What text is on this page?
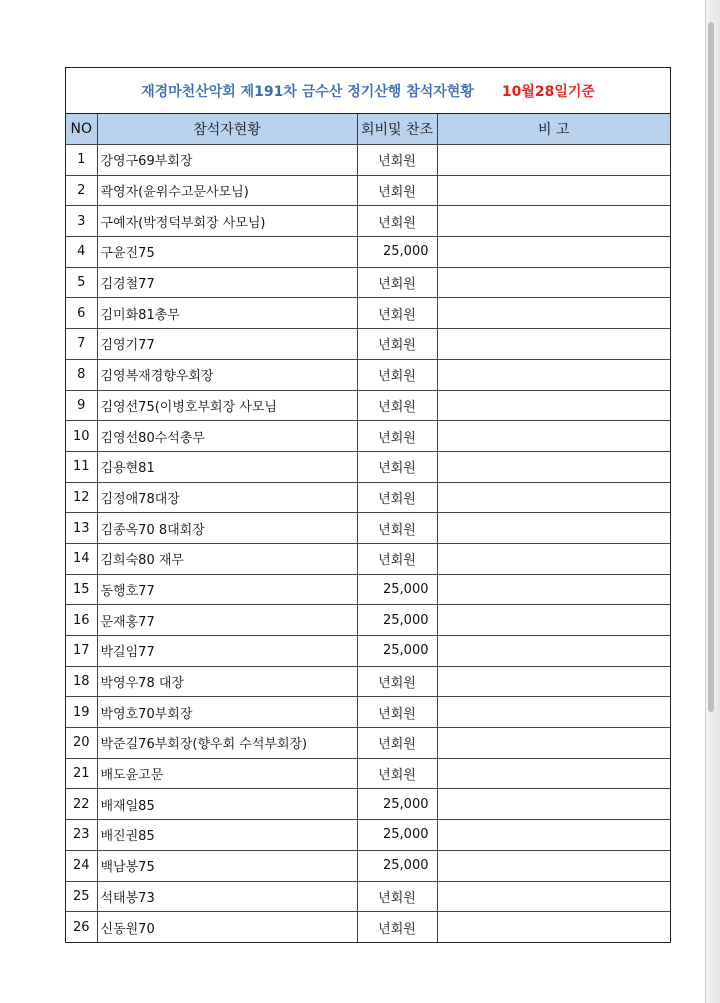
재경마천산악회 제191차 금수산 정기산행 참석자현황 10월28일기준
NO	참석자현황	회비및 찬조	비 고
1	강영구69부회장	년회원	
2	곽영자(윤위수고문사모님)	년회원	
3	구예자(박정덕부회장 사모님)	년회원	
4	구윤진75	25,000	
5	김경철77	년회원	
6	김미화81총무	년회원	
7	김영기77	년회원	
8	김영복재경향우회장	년회원	
9	김영선75(이병호부회장 사모님	년회원	
10	김영선80수석총무	년회원	
11	김용현81	년회원	
12	김정애78대장	년회원	
13	김종옥70 8대회장	년회원	
14	김희숙80 재무	년회원	
15	동행호77	25,000	
16	문재홍77	25,000	
17	박길임77	25,000	
18	박영우78 대장	년회원	
19	박영호70부회장	년회원	
20	박준길76부회장(향우회 수석부회장)	년회원	
21	배도윤고문	년회원	
22	배재일85	25,000	
23	배진권85	25,000	
24	백남봉75	25,000	
25	석태봉73	년회원	
26	신동원70	년회원	
